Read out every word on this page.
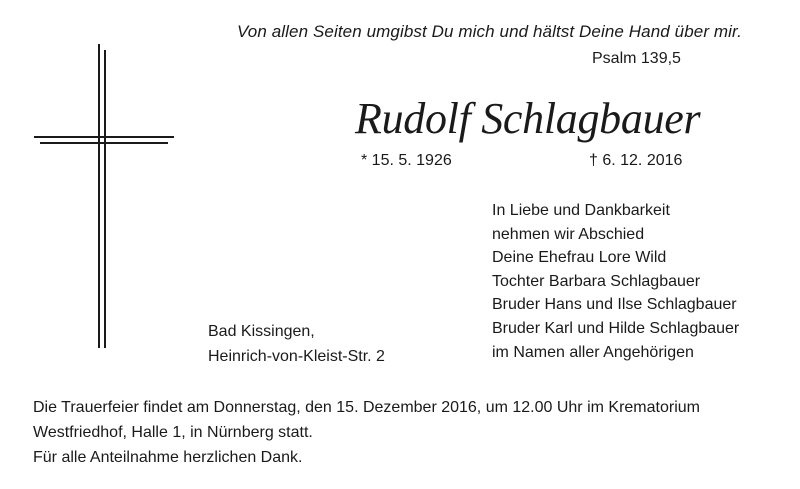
Von allen Seiten umgibst Du mich und hältst Deine Hand über mir.
Psalm 139,5
Rudolf Schlagbauer
* 15. 5. 1926	† 6. 12. 2016
In Liebe und Dankbarkeit
nehmen wir Abschied
Deine Ehefrau Lore Wild
Tochter Barbara Schlagbauer
Bruder Hans und Ilse Schlagbauer
Bruder Karl und Hilde Schlagbauer
im Namen aller Angehörigen
Bad Kissingen,
Heinrich-von-Kleist-Str. 2
Die Trauerfeier findet am Donnerstag, den 15. Dezember 2016, um 12.00 Uhr im Krematorium
Westfriedhof, Halle 1, in Nürnberg statt.
Für alle Anteilnahme herzlichen Dank.
